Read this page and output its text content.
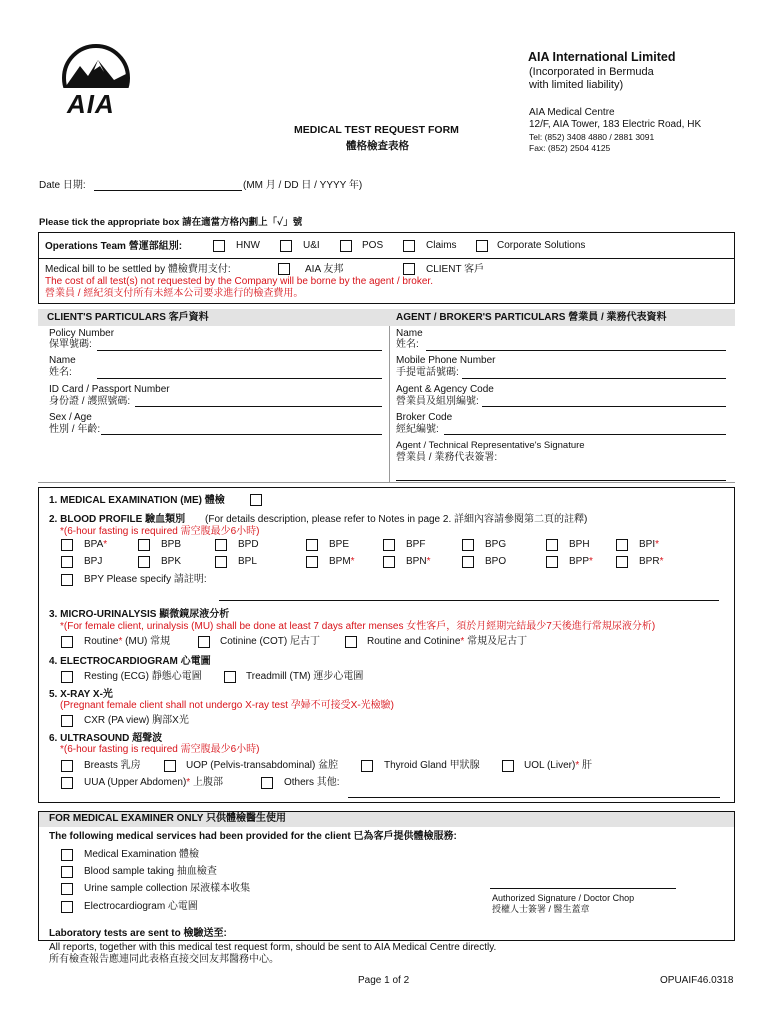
AIA
AIA International Limited
(Incorporated in Bermuda
with limited liability)
AIA Medical Centre
12/F, AIA Tower, 183 Electric Road, HK
Tel: (852) 3408 4880 / 2881 3091
Fax: (852) 2504 4125
MEDICAL TEST REQUEST FORM
體格檢查表格
Date 日期:	(MM 月 / DD 日 / YYYY 年)
Please tick the appropriate box 請在適當方格內劃上「✓」號
Operations Team 營運部組別:	HNW	U&I	POS	Claims	Corporate Solutions
Medical bill to be settled by 體檢費用支付:	AIA 友邦	CLIENT 客戶
The cost of all test(s) not requested by the Company will be borne by the agent / broker.
營業員 / 經紀須支付所有未經本公司要求進行的檢查費用。
CLIENT'S PARTICULARS 客戶資料	AGENT / BROKER'S PARTICULARS 營業員 / 業務代表資料
Policy Number
保單號碼:
Name
姓名:
ID Card / Passport Number
身份證 / 護照號碼:
Sex / Age
性別 / 年齡:
Name
姓名:
Mobile Phone Number
手提電話號碼:
Agent & Agency Code
營業員及組別編號:
Broker Code
經紀編號:
Agent / Technical Representative's Signature
營業員 / 業務代表簽署:
1. MEDICAL EXAMINATION (ME) 體檢
2. BLOOD PROFILE 驗血類別 (For details description, please refer to Notes in page 2. 詳細內容請參閱第二頁的註釋)
*(6-hour fasting is required 需空腹最少6小時)
BPA*	BPB	BPD	BPE	BPF	BPG	BPH	BPI*
BPJ	BPK	BPL	BPM*	BPN*	BPO	BPP*	BPR*
BPY Please specify 請註明:
3. MICRO-URINALYSIS 顯微鏡尿液分析
*(For female client, urinalysis (MU) shall be done at least 7 days after menses 女性客戶，須於月經期完結最少7天後進行常規尿液分析)
Routine* (MU) 常規	Cotinine (COT) 尼古丁	Routine and Cotinine* 常規及尼古丁
4. ELECTROCARDIOGRAM 心電圖
Resting (ECG) 靜態心電圖	Treadmill (TM) 運步心電圖
5. X-RAY X-光
(Pregnant female client shall not undergo X-ray test 孕婦不可接受X-光檢驗)
CXR (PA view) 胸部X光
6. ULTRASOUND 超聲波
*(6-hour fasting is required 需空腹最少6小時)
Breasts 乳房	UOP (Pelvis-transabdominal) 盆腔	Thyroid Gland 甲狀腺	UOL (Liver)* 肝
UUA (Upper Abdomen)* 上腹部	Others 其他:
FOR MEDICAL EXAMINER ONLY 只供體檢醫生使用
The following medical services had been provided for the client 已為客戶提供體檢服務:
Medical Examination 體檢
Blood sample taking 抽血檢查
Urine sample collection 尿液樣本收集
Electrocardiogram 心電圖
Authorized Signature / Doctor Chop
授權人士簽署 / 醫生蓋章
Laboratory tests are sent to 檢驗送至:
All reports, together with this medical test request form, should be sent to AIA Medical Centre directly.
所有檢查報告應連同此表格直接交回友邦醫務中心。
Page 1 of 2	OPUAIF46.0318
